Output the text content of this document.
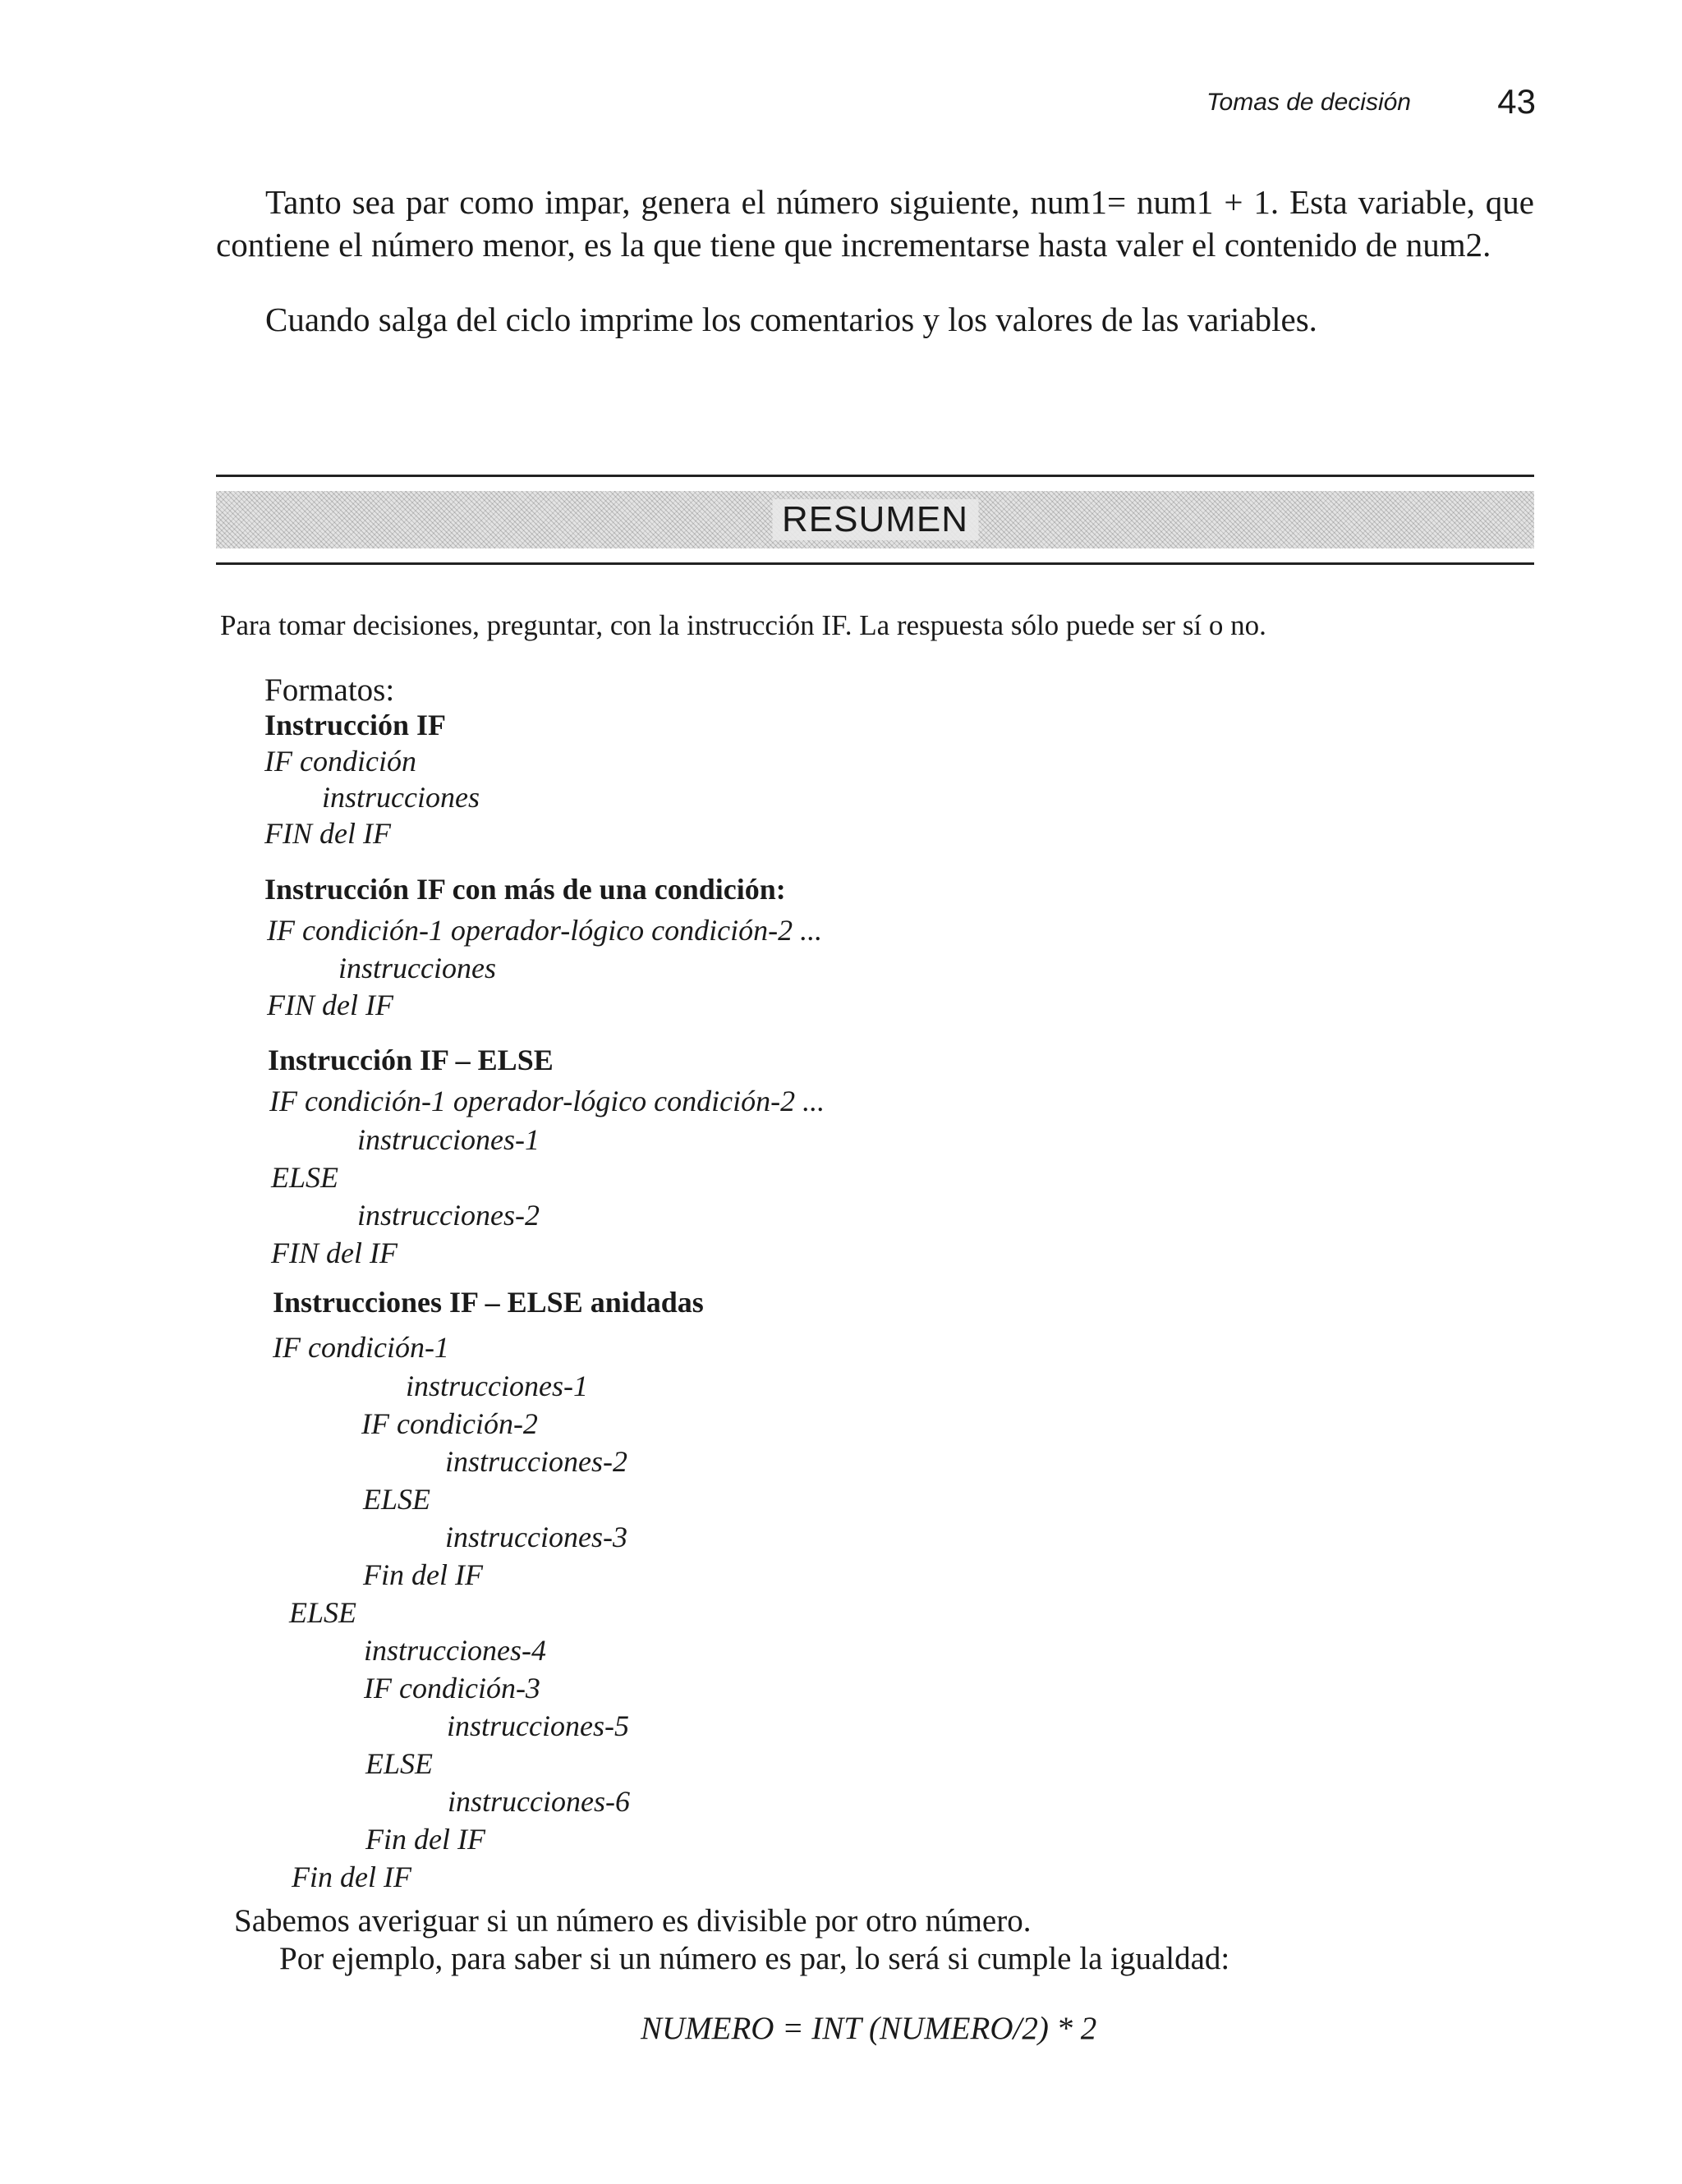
Tomas de decisión	43
Tanto sea par como impar, genera el número siguiente, num1= num1 + 1. Esta variable, que contiene el número menor, es la que tiene que incrementarse hasta valer el contenido de num2.
Cuando salga del ciclo imprime los comentarios y los valores de las variables.
RESUMEN
Para tomar decisiones, preguntar, con la instrucción IF. La respuesta sólo puede ser sí o no.
Formatos:
Instrucción IF
IF condición
instrucciones
FIN del IF
Instrucción IF con más de una condición:
IF condición-1 operador-lógico condición-2 ...
instrucciones
FIN del IF
Instrucción IF – ELSE
IF condición-1 operador-lógico condición-2 ...
instrucciones-1
ELSE
instrucciones-2
FIN del IF
Instrucciones IF – ELSE anidadas
IF condición-1
instrucciones-1
IF condición-2
instrucciones-2
ELSE
instrucciones-3
Fin del IF
ELSE
instrucciones-4
IF condición-3
instrucciones-5
ELSE
instrucciones-6
Fin del IF
Fin del IF
Sabemos averiguar si un número es divisible por otro número.
Por ejemplo, para saber si un número es par, lo será si cumple la igualdad:
NUMERO = INT (NUMERO/2) * 2
